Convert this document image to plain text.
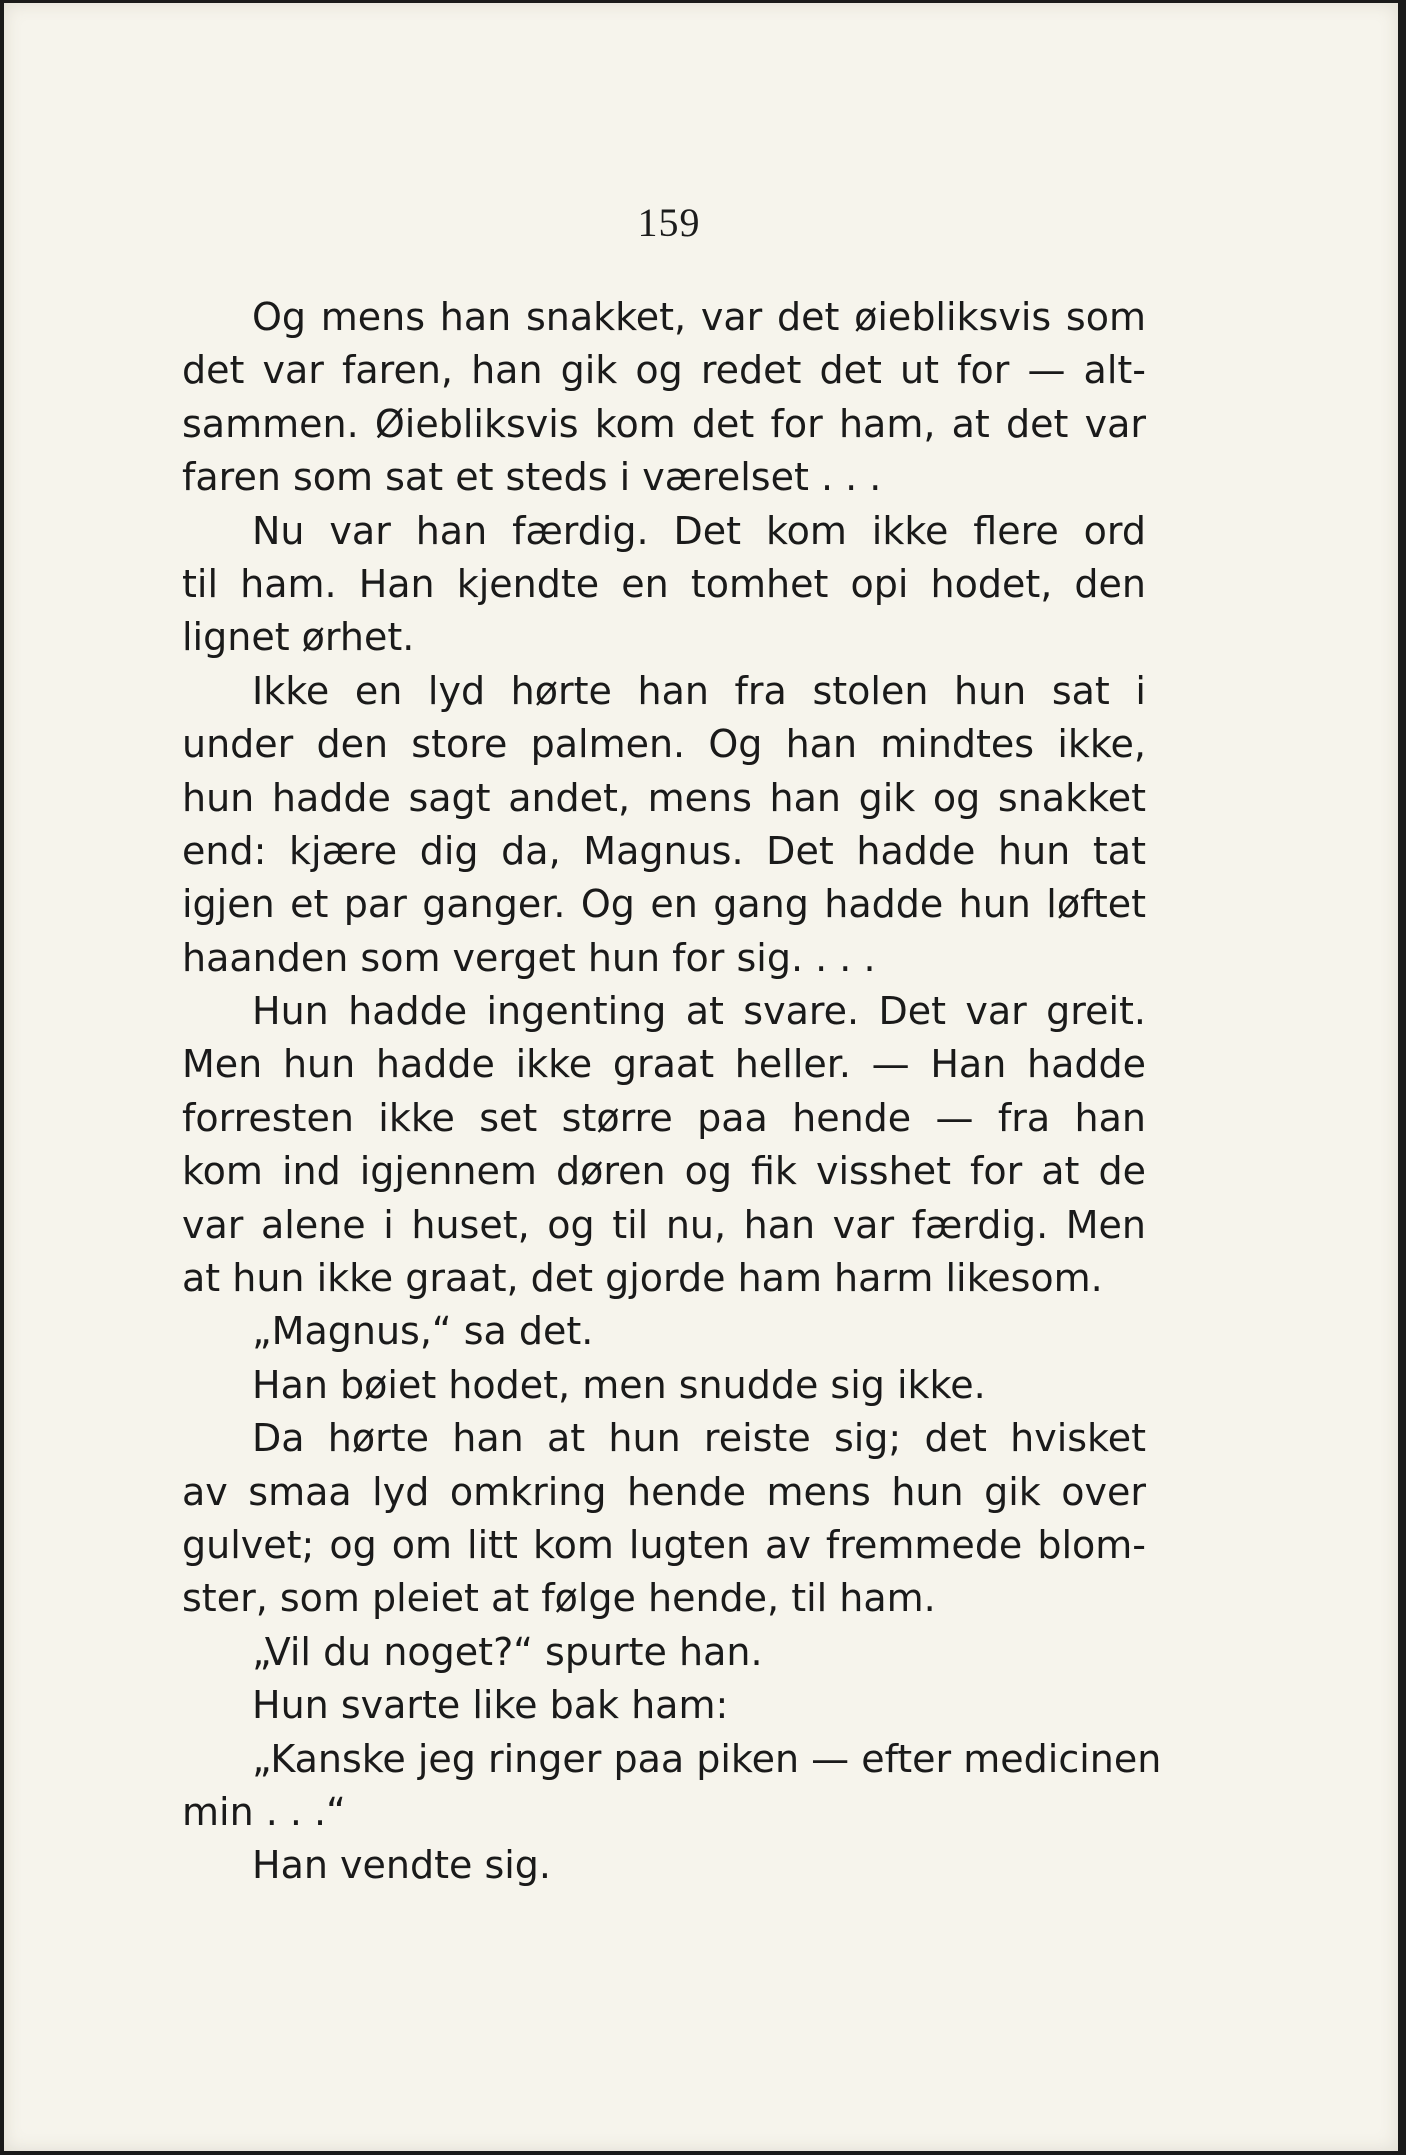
159
Og mens han snakket, var det øiebliksvis som
det var faren, han gik og redet det ut for — alt-
sammen. Øiebliksvis kom det for ham, at det var
faren som sat et steds i værelset . . .
Nu var han færdig. Det kom ikke flere ord
til ham. Han kjendte en tomhet opi hodet, den
lignet ørhet.
Ikke en lyd hørte han fra stolen hun sat i
under den store palmen. Og han mindtes ikke,
hun hadde sagt andet, mens han gik og snakket
end: kjære dig da, Magnus. Det hadde hun tat
igjen et par ganger. Og en gang hadde hun løftet
haanden som verget hun for sig. . . .
Hun hadde ingenting at svare. Det var greit.
Men hun hadde ikke graat heller. — Han hadde
forresten ikke set større paa hende — fra han
kom ind igjennem døren og fik visshet for at de
var alene i huset, og til nu, han var færdig. Men
at hun ikke graat, det gjorde ham harm likesom.
„Magnus,“ sa det.
Han bøiet hodet, men snudde sig ikke.
Da hørte han at hun reiste sig; det hvisket
av smaa lyd omkring hende mens hun gik over
gulvet; og om litt kom lugten av fremmede blom-
ster, som pleiet at følge hende, til ham.
„Vil du noget?“ spurte han.
Hun svarte like bak ham:
„Kanske jeg ringer paa piken — efter medicinen
min . . .“
Han vendte sig.
